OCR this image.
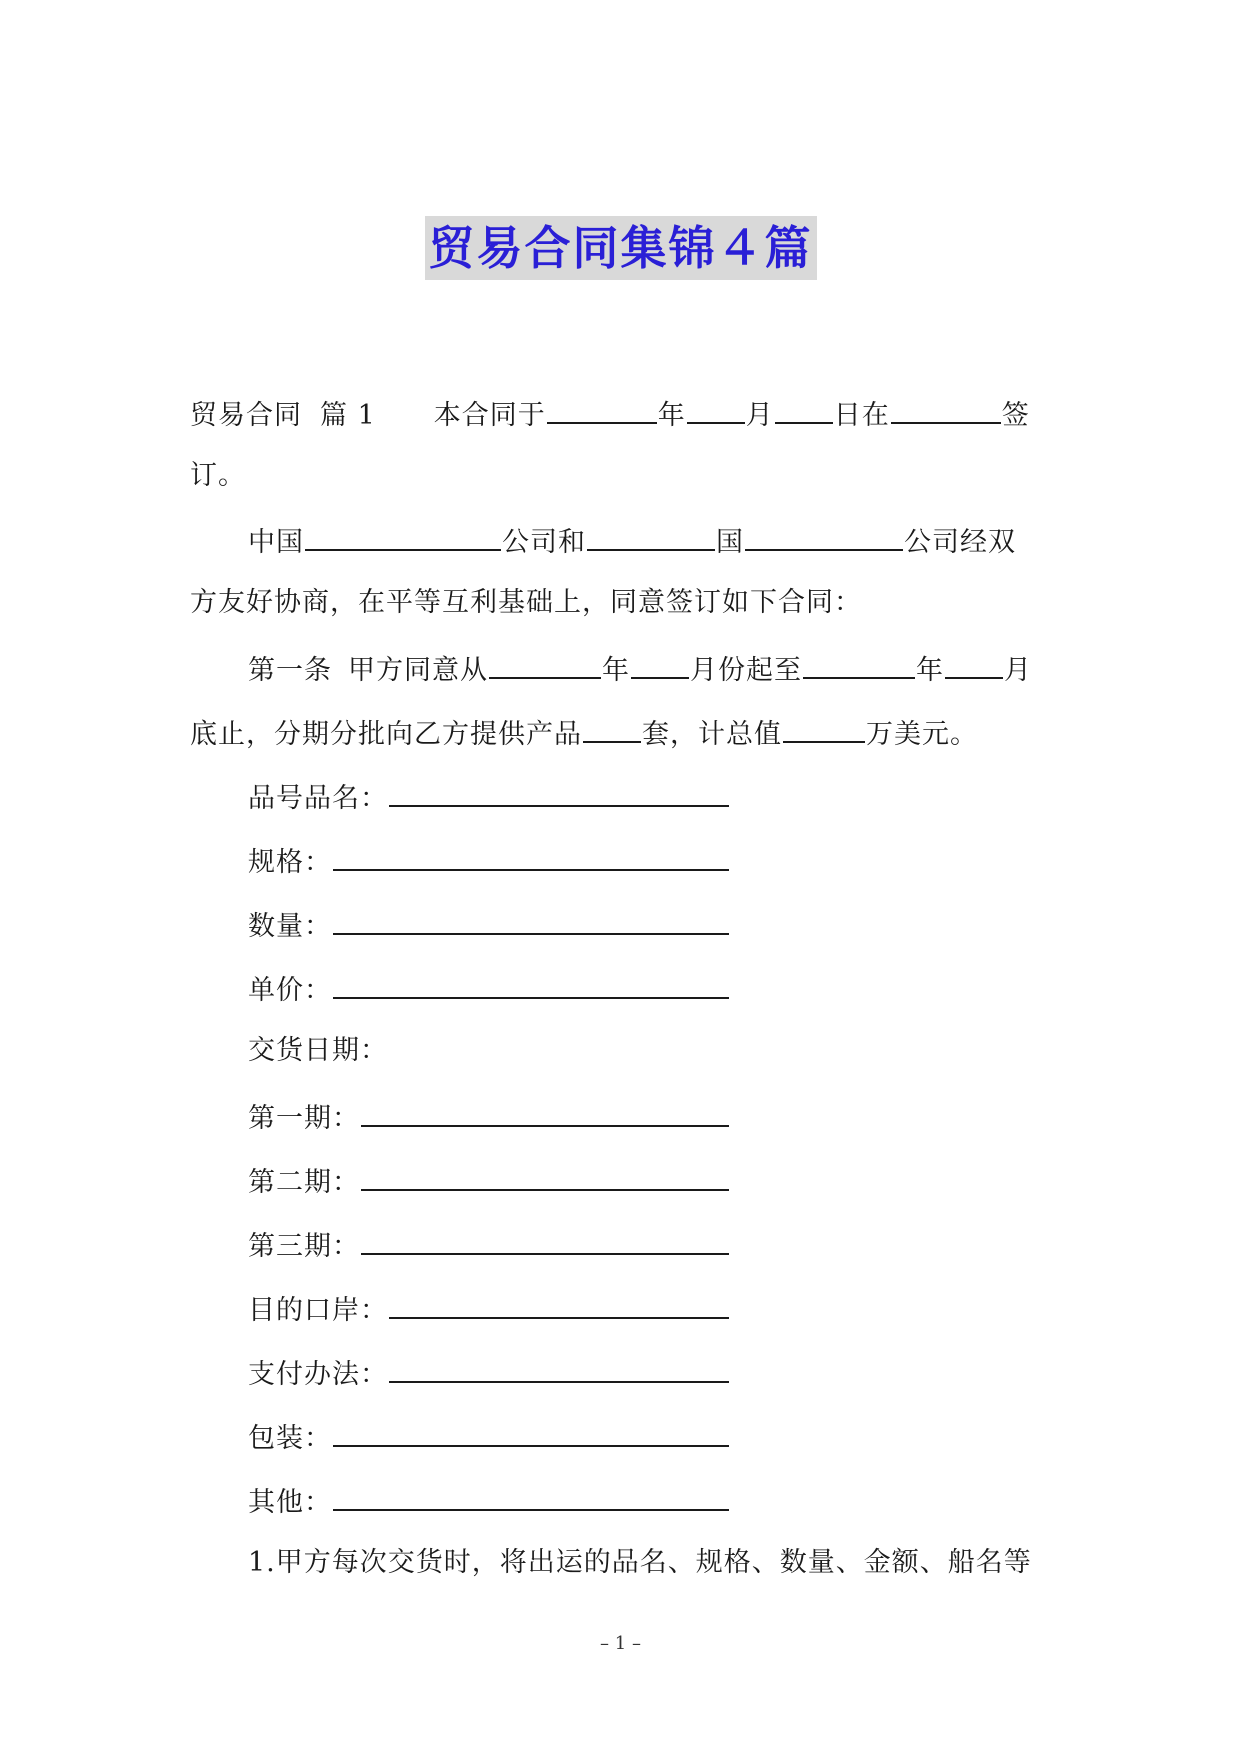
贸易合同集锦４篇
贸易合同 篇 1 本合同于	年 月 日在	签
订。
中国	公司和	国	公司经双
方友好协商，在平等互利基础上，同意签订如下合同：
第一条 甲方同意从	年 月份起至	年 月
底止，分期分批向乙方提供产品 套，计总值	万美元。
品号品名：
规格：
数量：
单价：
交货日期：
第一期：
第二期：
第三期：
目的口岸：
支付办法：
包装：
其他：
1.甲方每次交货时，将出运的品名、规格、数量、金额、船名等
– 1 –
